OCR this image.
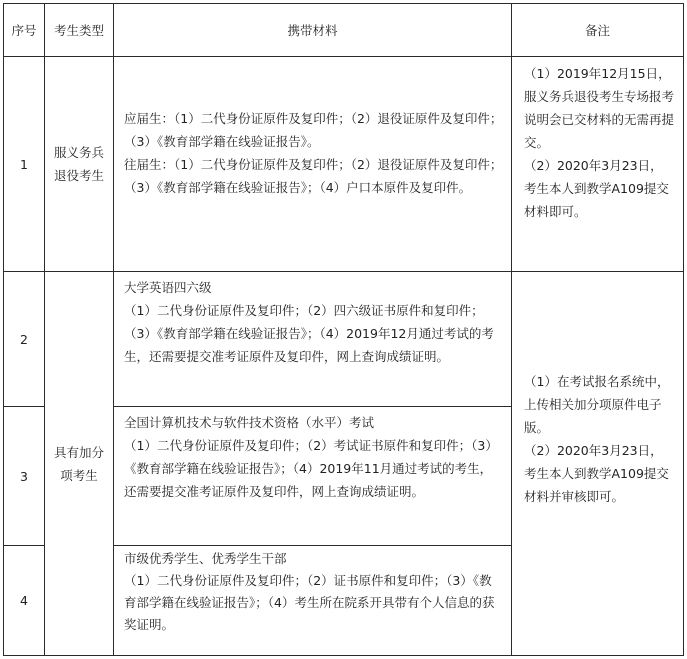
序号 考生类型	携带材料	备注
1
服义务兵退役考生

应届生：（1）二代身份证原件及复印件；（2）退役证原件及复印件；（3）《教育部学籍在线验证报告》。

往届生：（1）二代身份证原件及复印件；（2）退役证原件及复印件；（3）《教育部学籍在线验证报告》；（4）户口本原件及复印件。

（1）2019年12月15日，服义务兵退役考生专场报考说明会已交材料的无需再提交。

（2）2020年3月23日，考生本人到教学A109提交材料即可。

2

大学英语四六级

（1）二代身份证原件及复印件；（2）四六级证书原件和复印件；（3）《教育部学籍在线验证报告》；（4）2019年12月通过考试的考生，还需要提交准考证原件及复印件，网上查询成绩证明。

3

全国计算机技术与软件技术资格（水平）考试

（1）二代身份证原件及复印件；（2）考试证书原件和复印件；（3）《教育部学籍在线验证报告》；（4）2019年11月通过考试的考生，还需要提交准考证原件及复印件，网上查询成绩证明。

4

市级优秀学生、优秀学生干部

（1）二代身份证原件及复印件；（2）证书原件和复印件；（3）《教育部学籍在线验证报告》；（4）考生所在院系开具带有个人信息的获奖证明。

具有加分项考生

（1）在考试报名系统中，上传相关加分项原件电子版。

（2）2020年3月23日，考生本人到教学A109提交材料并审核即可。
